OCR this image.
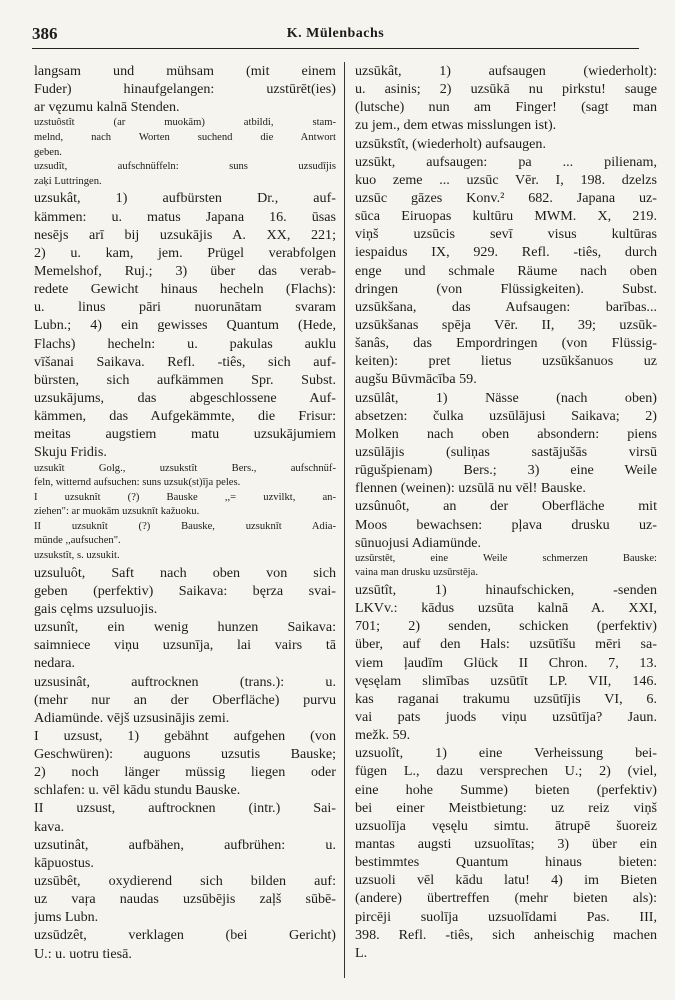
386	K. Mülenbachs
langsam und mühsam (mit einem
Fuder) hinaufgelangen: uzstūrēt(ies)
ar vęzumu kalnā Stenden.
uzstuôstît (ar muokām) atbildi, stam-
melnd, nach Worten suchend die Antwort
geben.
uzsudît, aufschnüffeln: suns uzsudījis
zaķi Luttringen.
uzsukât, 1) aufbürsten Dr., auf-
kämmen: u. matus Japana 16. ūsas
nesējs arī bij uzsukājis A. XX, 221;
2) u. kam, jem. Prügel verabfolgen
Memelshof, Ruj.; 3) über das verab-
redete Gewicht hinaus hecheln (Flachs):
u. linus pāri nuorunātam svaram
Lubn.; 4) ein gewisses Quantum (Hede,
Flachs) hecheln: u. pakulas auklu
vīšanai Saikava. Refl. -tiês, sich auf-
bürsten, sich aufkämmen Spr. Subst.
uzsukājums, das abgeschlossene Auf-
kämmen, das Aufgekämmte, die Frisur:
meitas augstiem matu uzsukājumiem
Skuju Fridis.
uzsukît Golg., uzsukstît Bers., aufschnüf-
feln, witternd aufsuchen: suns uzsuk(st)īja peles.
I uzsuknît (?) Bauske ,,= uzvilkt, an-
ziehen": ar muokām uzsuknīt kažuoku.
II uzsuknît (?) Bauske, uzsuknīt Adia-
münde ,,aufsuchen".
uzsukstît, s. uzsukit.
uzsuluôt, Saft nach oben von sich
geben (perfektiv) Saikava: bęrza svai-
gais cęlms uzsuluojis.
uzsunît, ein wenig hunzen Saikava:
saimniece viņu uzsunīja, lai vairs tā
nedara.
uzsusinât, auftrocknen (trans.): u.
(mehr nur an der Oberfläche) purvu
Adiamünde. vējš uzsusinājis zemi.
I uzsust, 1) gebähnt aufgehen (von
Geschwüren): auguons uzsutis Bauske;
2) noch länger müssig liegen oder
schlafen: u. vēl kādu stundu Bauske.
II uzsust, auftrocknen (intr.) Sai-
kava.
uzsutinât, aufbähen, aufbrühen: u.
kāpuostus.
uzsūbêt, oxydierend sich bilden auf:
uz vaŗa naudas uzsūbējis zaļš sūbē-
jums Lubn.
uzsūdzêt, verklagen (bei Gericht)
U.: u. uotru tiesā.
uzsūkât, 1) aufsaugen (wiederholt):
u. asinis; 2) uzsūkā nu pirkstu! sauge
(lutsche) nun am Finger! (sagt man
zu jem., dem etwas misslungen ist).
uzsūkstît, (wiederholt) aufsaugen.
uzsūkt, aufsaugen: pa ... pilienam,
kuo zeme ... uzsūc Vēr. I, 198. dzelzs
uzsūc gāzes Konv.² 682. Japana uz-
sūca Eiruopas kultūru MWM. X, 219.
viņš uzsūcis sevī visus kultūras
iespaidus IX, 929. Refl. -tiês, durch
enge und schmale Räume nach oben
dringen (von Flüssigkeiten). Subst.
uzsūkšana, das Aufsaugen: barības...
uzsūkšanas spēja Vēr. II, 39; uzsūk-
šanâs, das Empordringen (von Flüssig-
keiten): pret lietus uzsūkšanuos uz
augšu Būvmācība 59.
uzsūlât, 1) Nässe (nach oben)
absetzen: čulka uzsūlājusi Saikava; 2)
Molken nach oben absondern: piens
uzsūlājis (suliņas sastājušās virsū
rūgušpienam) Bers.; 3) eine Weile
flennen (weinen): uzsūlā nu vēl! Bauske.
uzsûnuôt, an der Oberfläche mit
Moos bewachsen: pļava drusku uz-
sūnuojusi Adiamünde.
uzsūrstêt, eine Weile schmerzen Bauske:
vaina man drusku uzsūrstēja.
uzsūtît, 1) hinaufschicken, -senden
LKVv.: kādus uzsūta kalnā A. XXI,
701; 2) senden, schicken (perfektiv)
über, auf den Hals: uzsūtīšu mēri sa-
viem ļaudīm Glück II Chron. 7, 13.
vęsęlam slimības uzsūtīt LP. VII, 146.
kas raganai trakumu uzsūtījis VI, 6.
vai pats juods viņu uzsūtīja? Jaun.
mežk. 59.
uzsuolît, 1) eine Verheissung bei-
fügen L., dazu versprechen U.; 2) (viel,
eine hohe Summe) bieten (perfektiv)
bei einer Meistbietung: uz reiz viņš
uzsuolīja vęsęlu simtu. ātrupē šuoreiz
mantas augsti uzsuolītas; 3) über ein
bestimmtes Quantum hinaus bieten:
uzsuoli vēl kādu latu! 4) im Bieten
(andere) übertreffen (mehr bieten als):
pircēji suolīja uzsuolīdami Pas. III,
398. Refl. -tiês, sich anheischig machen
L.
